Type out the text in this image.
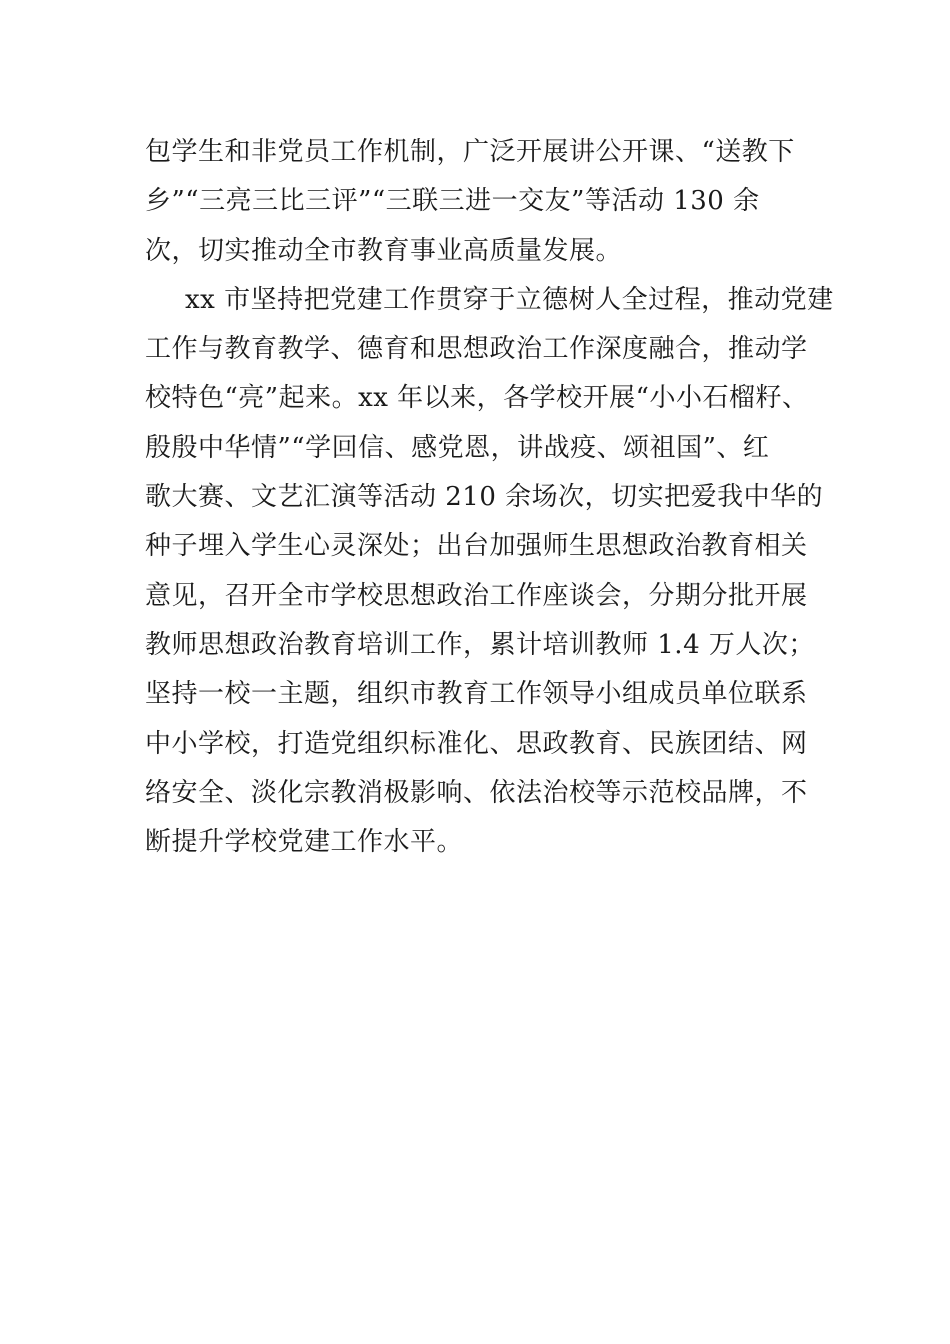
包学生和非党员工作机制，广泛开展讲公开课、“送教下
乡”“三亮三比三评”“三联三进一交友”等活动 130 余
次，切实推动全市教育事业高质量发展。
xx 市坚持把党建工作贯穿于立德树人全过程，推动党建
工作与教育教学、德育和思想政治工作深度融合，推动学
校特色“亮”起来。xx 年以来，各学校开展“小小石榴籽、
殷殷中华情”“学回信、感党恩，讲战疫、颂祖国”、红
歌大赛、文艺汇演等活动 210 余场次，切实把爱我中华的
种子埋入学生心灵深处；出台加强师生思想政治教育相关
意见，召开全市学校思想政治工作座谈会，分期分批开展
教师思想政治教育培训工作，累计培训教师 1.4 万人次；
坚持一校一主题，组织市教育工作领导小组成员单位联系
中小学校，打造党组织标准化、思政教育、民族团结、网
络安全、淡化宗教消极影响、依法治校等示范校品牌，不
断提升学校党建工作水平。
